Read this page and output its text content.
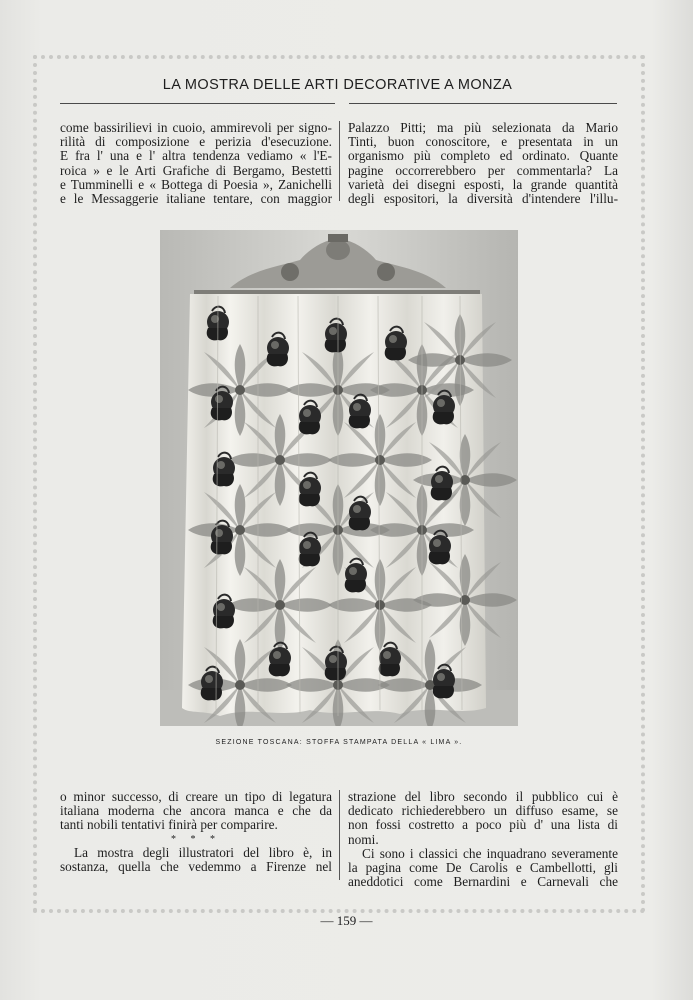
LA MOSTRA DELLE ARTI DECORATIVE A MONZA
come bassirilievi in cuoio, ammirevoli per signo-
rilità di composizione e perizia d'esecuzione.
E fra l' una e l' altra tendenza vediamo « l'E-
roica » e le Arti Grafiche di Bergamo, Bestetti
e Tumminelli e « Bottega di Poesia », Zanichelli
e le Messaggerie italiane tentare, con maggior
Palazzo Pitti; ma più selezionata da Mario
Tinti, buon conoscitore, e presentata in un
organismo più completo ed ordinato. Quante
pagine occorrerebbero per commentarla? La
varietà dei disegni esposti, la grande quantità
degli espositori, la diversità d'intendere l'illu-
SEZIONE TOSCANA: STOFFA STAMPATA DELLA « LIMA ».
o minor successo, di creare un tipo di legatura
italiana moderna che ancora manca e che da
tanti nobili tentativi finirà per comparire.
* * *
La mostra degli illustratori del libro è, in
sostanza, quella che vedemmo a Firenze nel
strazione del libro secondo il pubblico cui è
dedicato richiederebbero un diffuso esame, se
non fossi costretto a poco più d' una lista di
nomi.
Ci sono i classici che inquadrano severamente
la pagina come De Carolis e Cambellotti, gli
aneddotici come Bernardini e Carnevali che
— 159 —
